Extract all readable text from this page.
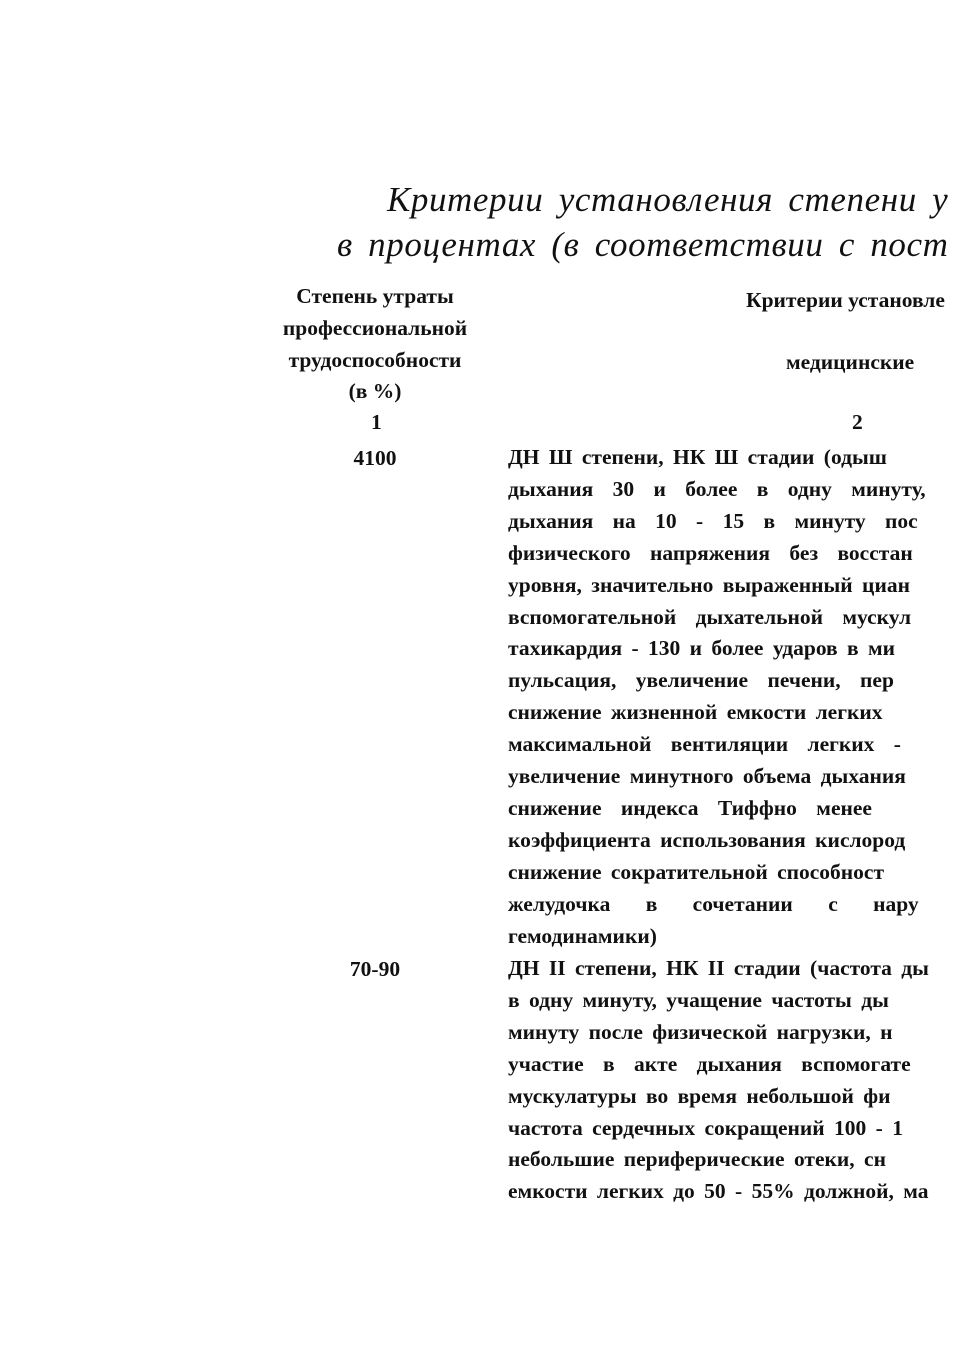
Критерии установления степени у
в процентах (в соответствии с пост
Степень утраты
профессиональной
трудоспособности
(в %)
Критерии установле
медицинские
1	2
4100	ДН Ш степени, НК Ш стадии (одыш
дыхания 30 и более в одну минуту,
дыхания на 10 - 15 в минуту пос
физического напряжения без восстан
уровня, значительно выраженный циан
вспомогательной дыхательной мускул
тахикардия - 130 и более ударов в ми
пульсация, увеличение печени, пер
снижение жизненной емкости легких
максимальной вентиляции легких -
увеличение минутного объема дыхания
снижение индекса Тиффно менее
коэффициента использования кислород
снижение сократительной способност
желудочка в сочетании с нару
гемодинамики)
70-90	ДН II степени, НК II стадии (частота ды
в одну минуту, учащение частоты ды
минуту после физической нагрузки, н
участие в акте дыхания вспомогате
мускулатуры во время небольшой фи
частота сердечных сокращений 100 - 1
небольшие периферические отеки, сн
емкости легких до 50 - 55% должной, ма
